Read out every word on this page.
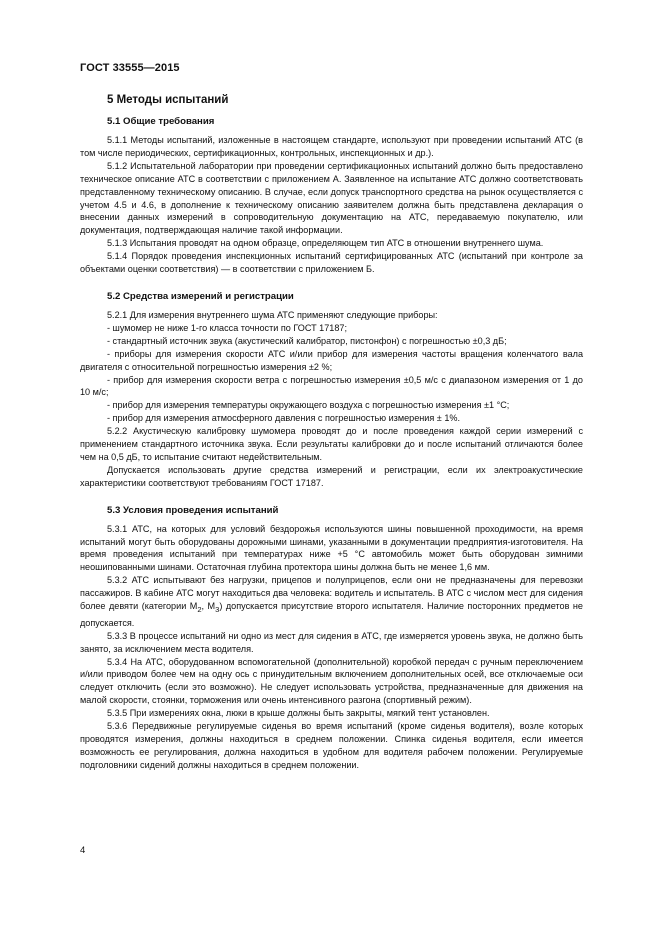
ГОСТ 33555—2015
5 Методы испытаний
5.1 Общие требования

5.1.1 Методы испытаний, изложенные в настоящем стандарте, используют при проведении испытаний АТС (в том числе периодических, сертификационных, контрольных, инспекционных и др.).

5.1.2 Испытательной лаборатории при проведении сертификационных испытаний должно быть предоставлено техническое описание АТС в соответствии с приложением А. Заявленное на испытание АТС должно соответствовать представленному техническому описанию. В случае, если допуск транспортного средства на рынок осуществляется с учетом 4.5 и 4.6, в дополнение к техническому описанию заявителем должна быть представлена декларация о внесении данных измерений в сопроводительную документацию на АТС, передаваемую покупателю, или документация, подтверждающая наличие такой информации.

5.1.3 Испытания проводят на одном образце, определяющем тип АТС в отношении внутреннего шума.

5.1.4 Порядок проведения инспекционных испытаний сертифицированных АТС (испытаний при контроле за объектами оценки соответствия) — в соответствии с приложением Б.

5.2 Средства измерений и регистрации

5.2.1 Для измерения внутреннего шума АТС применяют следующие приборы:

- шумомер не ниже 1-го класса точности по ГОСТ 17187;

- стандартный источник звука (акустический калибратор, пистонфон) с погрешностью ±0,3 дБ;

- приборы для измерения скорости АТС и/или прибор для измерения частоты вращения коленчатого вала двигателя с относительной погрешностью измерения ±2 %;

- прибор для измерения скорости ветра с погрешностью измерения ±0,5 м/с с диапазоном измерения от 1 до 10 м/с;

- прибор для измерения температуры окружающего воздуха с погрешностью измерения ±1 °С;

- прибор для измерения атмосферного давления с погрешностью измерения ± 1%.

5.2.2 Акустическую калибровку шумомера проводят до и после проведения каждой серии измерений с применением стандартного источника звука. Если результаты калибровки до и после испытаний отличаются более чем на 0,5 дБ, то испытание считают недействительным.

Допускается использовать другие средства измерений и регистрации, если их электроакустические характеристики соответствуют требованиям ГОСТ 17187.

5.3 Условия проведения испытаний

5.3.1 АТС, на которых для условий бездорожья используются шины повышенной проходимости, на время испытаний могут быть оборудованы дорожными шинами, указанными в документации предприятия-изготовителя. На время проведения испытаний при температурах ниже +5 °С автомобиль может быть оборудован зимними неошипованными шинами. Остаточная глубина протектора шины должна быть не менее 1,6 мм.

5.3.2 АТС испытывают без нагрузки, прицепов и полуприцепов, если они не предназначены для перевозки пассажиров. В кабине АТС могут находиться два человека: водитель и испытатель. В АТС с числом мест для сидения более девяти (категории $М_2$, $М_3$) допускается присутствие второго испытателя. Наличие посторонних предметов не допускается.

5.3.3 В процессе испытаний ни одно из мест для сидения в АТС, где измеряется уровень звука, не должно быть занято, за исключением места водителя.

5.3.4 На АТС, оборудованном вспомогательной (дополнительной) коробкой передач с ручным переключением и/или приводом более чем на одну ось с принудительным включением дополнительных осей, все отключаемые оси следует отключить (если это возможно). Не следует использовать устройства, предназначенные для движения на малой скорости, стоянки, торможения или очень интенсивного разгона (спортивный режим).

5.3.5 При измерениях окна, люки в крыше должны быть закрыты, мягкий тент установлен.

5.3.6 Передвижные регулируемые сиденья во время испытаний (кроме сиденья водителя), возле которых проводятся измерения, должны находиться в среднем положении. Спинка сиденья водителя, если имеется возможность ее регулирования, должна находиться в удобном для водителя рабочем положении. Регулируемые подголовники сидений должны находиться в среднем положении.

4
